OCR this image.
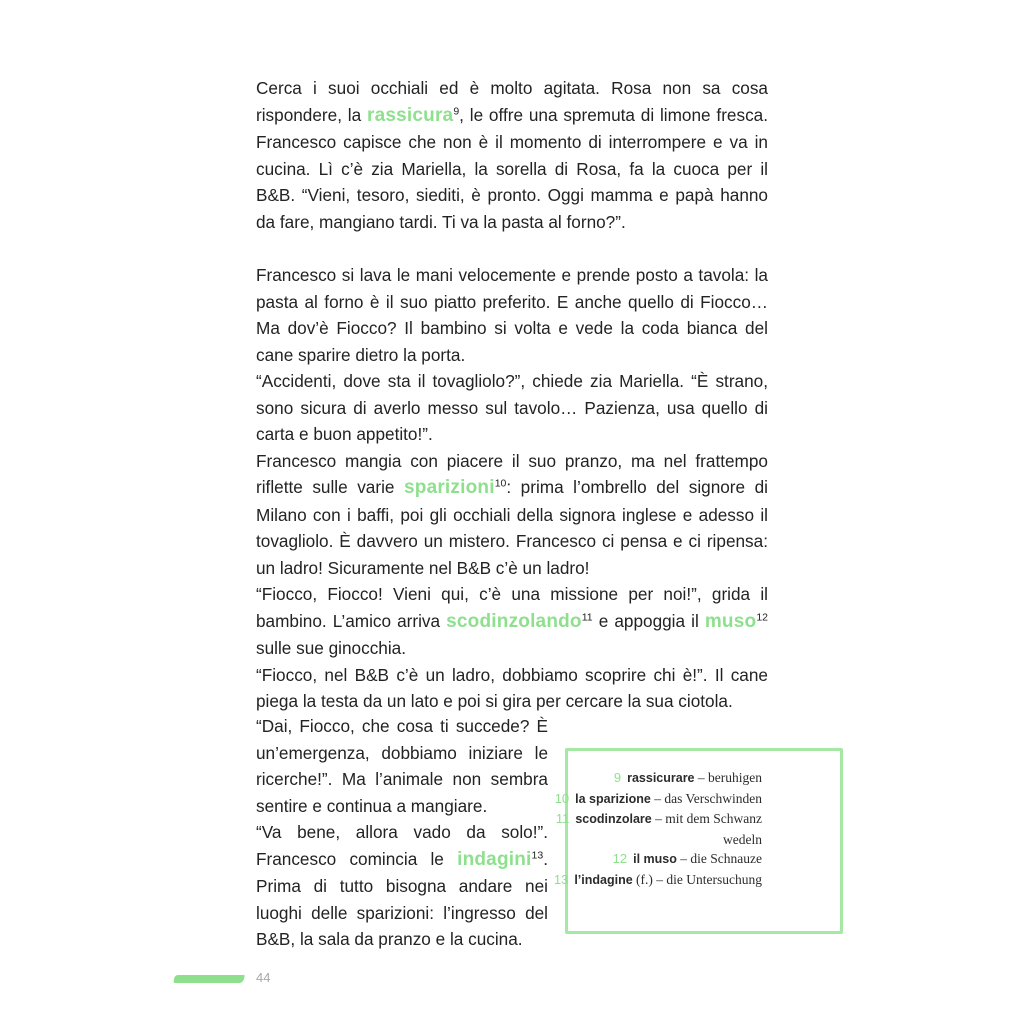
Cerca i suoi occhiali ed è molto agitata. Rosa non sa cosa rispondere, la rassicura$^9$, le offre una spremuta di limone fresca. Francesco capisce che non è il momento di interrompere e va in cucina. Lì c’è zia Mariella, la sorella di Rosa, fa la cuoca per il B&B. “Vieni, tesoro, siediti, è pronto. Oggi mamma e papà hanno da fare, mangiano tardi. Ti va la pasta al forno?”.

Francesco si lava le mani velocemente e prende posto a tavola: la pasta al forno è il suo piatto preferito. E anche quello di Fiocco… Ma dov’è Fiocco? Il bambino si volta e vede la coda bianca del cane sparire dietro la porta.
“Accidenti, dove sta il tovagliolo?”, chiede zia Mariella. “È strano, sono sicura di averlo messo sul tavolo… Pazienza, usa quello di carta e buon appetito!”.
Francesco mangia con piacere il suo pranzo, ma nel frattempo riflette sulle varie sparizioni$^{10}$: prima l’ombrello del signore di Milano con i baffi, poi gli occhiali della signora inglese e adesso il tovagliolo. È davvero un mistero. Francesco ci pensa e ci ripensa: un ladro! Sicuramente nel B&B c’è un ladro!
“Fiocco, Fiocco! Vieni qui, c’è una missione per noi!”, grida il bambino. L’amico arriva scodinzolando$^{11}$ e appoggia il muso$^{12}$ sulle sue ginocchia.
“Fiocco, nel B&B c’è un ladro, dobbiamo scoprire chi è!”. Il cane piega la testa da un lato e poi si gira per cercare la sua ciotola.
“Dai, Fiocco, che cosa ti succede? È un’emergenza, dobbiamo iniziare le ricerche!”. Ma l’animale non sembra sentire e continua a mangiare.
“Va bene, allora vado da solo!”. Francesco comincia le indagini$^{13}$. Prima di tutto bisogna andare nei luoghi delle sparizioni: l’ingresso del B&B, la sala da pranzo e la cucina.
9 rassicurare – beruhigen
10 la sparizione – das Verschwinden
11 scodinzolare – mit dem Schwanz wedeln
12 il muso – die Schnauze
13 l’indagine (f.) – die Untersuchung
44
